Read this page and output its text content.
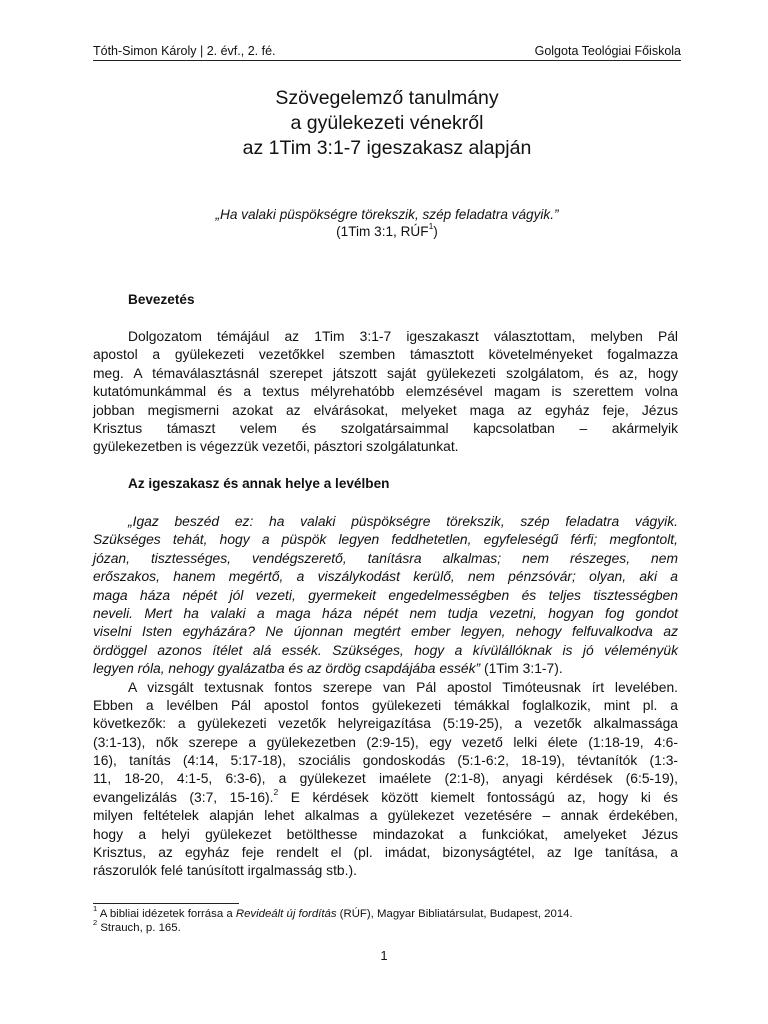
Tóth-Simon Károly | 2. évf., 2. fé.	Golgota Teológiai Főiskola
Szövegelemző tanulmány
a gyülekezeti vénekről
az 1Tim 3:1-7 igeszakasz alapján
„Ha valaki püspökségre törekszik, szép feladatra vágyik.”
(1Tim 3:1, RÚF$^1$)
Bevezetés
Dolgozatom témájául az 1Tim 3:1-7 igeszakaszt választottam, melyben Pál
apostol a gyülekezeti vezetőkkel szemben támasztott követelményeket fogalmazza
meg. A témaválasztásnál szerepet játszott saját gyülekezeti szolgálatom, és az, hogy
kutatómunkámmal és a textus mélyrehatóbb elemzésével magam is szerettem volna
jobban megismerni azokat az elvárásokat, melyeket maga az egyház feje, Jézus
Krisztus támaszt velem és szolgatársaimmal kapcsolatban – akármelyik
gyülekezetben is végezzük vezetői, pásztori szolgálatunkat.
Az igeszakasz és annak helye a levélben
„Igaz beszéd ez: ha valaki püspökségre törekszik, szép feladatra vágyik.
Szükséges tehát, hogy a püspök legyen feddhetetlen, egyfeleségű férfi; megfontolt,
józan, tisztességes, vendégszerető, tanításra alkalmas; nem részeges, nem
erőszakos, hanem megértő, a viszálykodást kerülő, nem pénzsóvár; olyan, aki a
maga háza népét jól vezeti, gyermekeit engedelmességben és teljes tisztességben
neveli. Mert ha valaki a maga háza népét nem tudja vezetni, hogyan fog gondot
viselni Isten egyházára? Ne újonnan megtért ember legyen, nehogy felfuvalkodva az
ördöggel azonos ítélet alá essék. Szükséges, hogy a kívülállóknak is jó véleményük
legyen róla, nehogy gyalázatba és az ördög csapdájába essék” (1Tim 3:1-7).
A vizsgált textusnak fontos szerepe van Pál apostol Timóteusnak írt levelében.
Ebben a levélben Pál apostol fontos gyülekezeti témákkal foglalkozik, mint pl. a
következők: a gyülekezeti vezetők helyreigazítása (5:19-25), a vezetők alkalmassága
(3:1-13), nők szerepe a gyülekezetben (2:9-15), egy vezető lelki élete (1:18-19, 4:6-
16), tanítás (4:14, 5:17-18), szociális gondoskodás (5:1-6:2, 18-19), tévtanítók (1:3-
11, 18-20, 4:1-5, 6:3-6), a gyülekezet imaélete (2:1-8), anyagi kérdések (6:5-19),
evangelizálás (3:7, 15-16).$^2$ E kérdések között kiemelt fontosságú az, hogy ki és
milyen feltételek alapján lehet alkalmas a gyülekezet vezetésére – annak érdekében,
hogy a helyi gyülekezet betölthesse mindazokat a funkciókat, amelyeket Jézus
Krisztus, az egyház feje rendelt el (pl. imádat, bizonyságtétel, az Ige tanítása, a
rászorulók felé tanúsított irgalmasság stb.).
$^1$ A bibliai idézetek forrása a Revideált új fordítás (RÚF), Magyar Bibliatársulat, Budapest, 2014.
$^2$ Strauch, p. 165.
1
